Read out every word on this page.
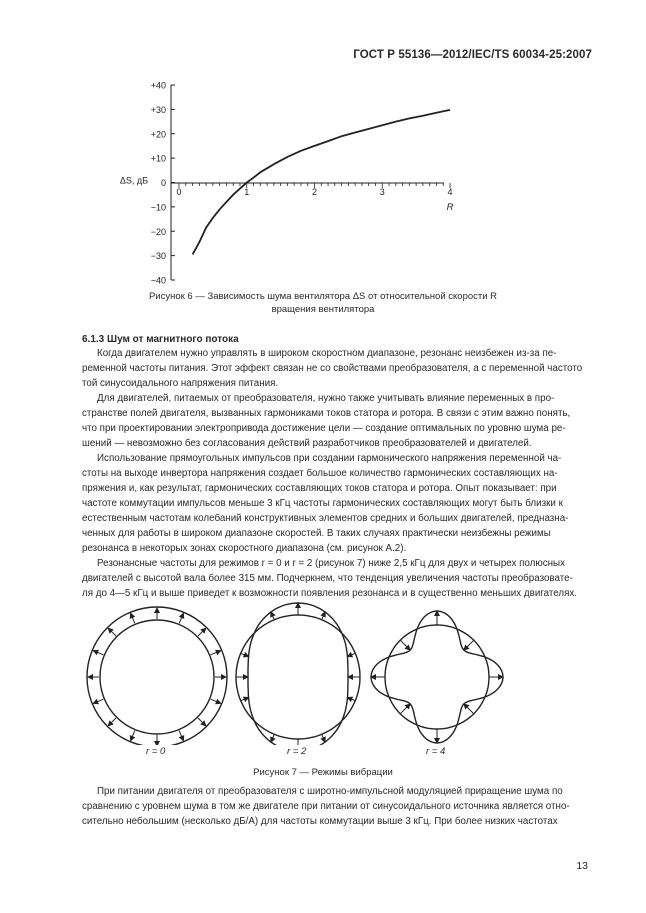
ГОСТ Р 55136—2012/IEC/TS 60034-25:2007
+40
+30
+20
+10
0
−10
−20
−30
−40
0	1	2	3	4
ΔS, дБ
R
Рисунок 6 — Зависимость шума вентилятора ΔS от относительной скорости R
вращения вентилятора
6.1.3 Шум от магнитного потока
Когда двигателем нужно управлять в широком скоростном диапазоне, резонанс неизбежен из-за пе-
ременной частоты питания. Этот эффект связан не со свойствами преобразователя, а с переменной частото
той синусоидального напряжения питания.
Для двигателей, питаемых от преобразователя, нужно также учитывать влияние переменных в про-
странстве полей двигателя, вызванных гармониками токов статора и ротора. В связи с этим важно понять,
что при проектировании электропривода достижение цели — создание оптимальных по уровню шума ре-
шений — невозможно без согласования действий разработчиков преобразователей и двигателей.
Использование прямоугольных импульсов при создании гармонического напряжения переменной ча-
стоты на выходе инвертора напряжения создает большое количество гармонических составляющих на-
пряжения и, как результат, гармонических составляющих токов статора и ротора. Опыт показывает: при
частоте коммутации импульсов меньше 3 кГц частоты гармонических составляющих могут быть близки к
естественным частотам колебаний конструктивных элементов средних и больших двигателей, предназна-
ченных для работы в широком диапазоне скоростей. В таких случаях практически неизбежны режимы
резонанса в некоторых зонах скоростного диапазона (см. рисунок А.2).
Резонансные частоты для режимов r = 0 и r = 2 (рисунок 7) ниже 2,5 кГц для двух и четырех полюсных
двигателей с высотой вала более 315 мм. Подчеркнем, что тенденция увеличения частоты преобразовате-
ля до 4—5 кГц и выше приведет к возможности появления резонанса и в существенно меньших двигателях.
r = 0	r = 2	r = 4
Рисунок 7 — Режимы вибрации
При питании двигателя от преобразователя с широтно-импульсной модуляцией приращение шума по
сравнению с уровнем шума в том же двигателе при питании от синусоидального источника является отно-
сительно небольшим (несколько дБ/А) для частоты коммутации выше 3 кГц. При более низких частотах
13
